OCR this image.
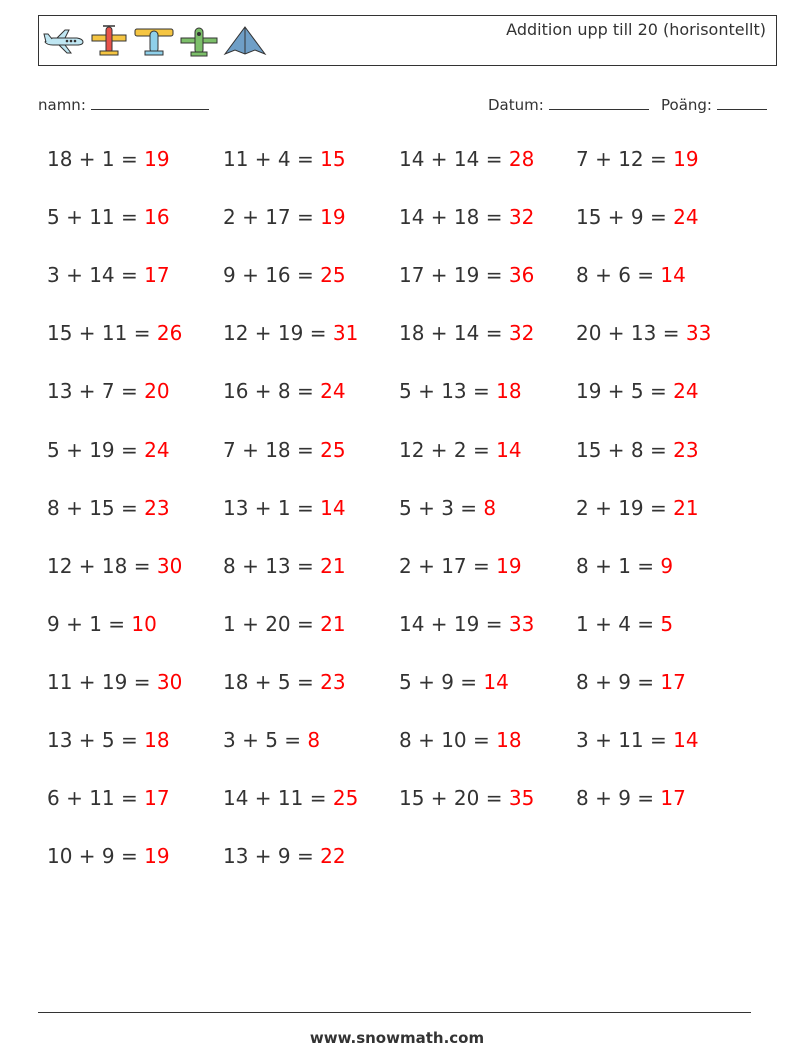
Addition upp till 20 (horisontellt)
namn:	Datum:	Poäng:
18 + 1 = 19	11 + 4 = 15	14 + 14 = 28 7 + 12 = 19
5 + 11 = 16	2 + 17 = 19	14 + 18 = 32 15 + 9 = 24
3 + 14 = 17	9 + 16 = 25	17 + 19 = 36 8 + 6 = 14
15 + 11 = 26 12 + 19 = 31 18 + 14 = 32 20 + 13 = 33
13 + 7 = 20	16 + 8 = 24	5 + 13 = 18	19 + 5 = 24
5 + 19 = 24	7 + 18 = 25	12 + 2 = 14	15 + 8 = 23
8 + 15 = 23	13 + 1 = 14	5 + 3 = 8	2 + 19 = 21
12 + 18 = 30 8 + 13 = 21	2 + 17 = 19	8 + 1 = 9
9 + 1 = 10	1 + 20 = 21	14 + 19 = 33 1 + 4 = 5
11 + 19 = 30 18 + 5 = 23	5 + 9 = 14	8 + 9 = 17
13 + 5 = 18	3 + 5 = 8	8 + 10 = 18	3 + 11 = 14
6 + 11 = 17	14 + 11 = 25 15 + 20 = 35 8 + 9 = 17
10 + 9 = 19	13 + 9 = 22
www.snowmath.com
